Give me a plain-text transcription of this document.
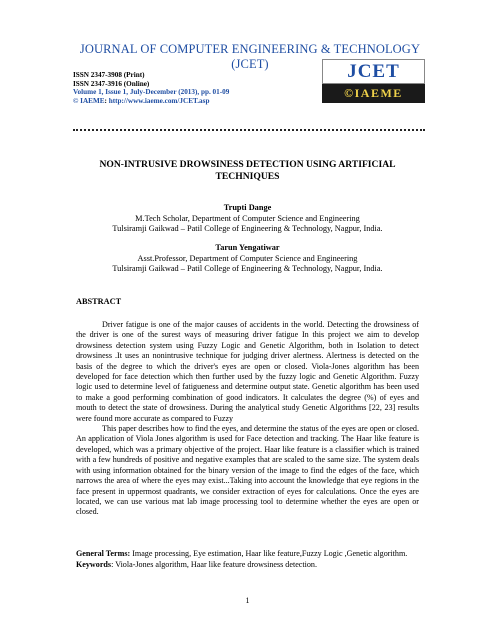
JOURNAL OF COMPUTER ENGINEERING & TECHNOLOGY
(JCET)
ISSN 2347-3908 (Print)
ISSN 2347-3916 (Online)
Volume 1, Issue 1, July-December (2013), pp. 01-09
© IAEME: http://www.iaeme.com/JCET.asp
JCET
©IAEME
NON-INTRUSIVE DROWSINESS DETECTION USING ARTIFICIAL
TECHNIQUES
Trupti Dange
M.Tech Scholar, Department of Computer Science and Engineering
Tulsiramji Gaikwad – Patil College of Engineering & Technology, Nagpur, India.
Tarun Yengatiwar
Asst.Professor, Department of Computer Science and Engineering
Tulsiramji Gaikwad – Patil College of Engineering & Technology, Nagpur, India.
ABSTRACT

Driver fatigue is one of the major causes of accidents in the world. Detecting the drowsiness of the driver is one of the surest ways of measuring driver fatigue In this project we aim to develop drowsiness detection system using Fuzzy Logic and Genetic Algorithm, both in Isolation to detect drowsiness .It uses an nonintrusive technique for judging driver alertness. Alertness is detected on the basis of the degree to which the driver's eyes are open or closed. Viola-Jones algorithm has been developed for face detection which then further used by the fuzzy logic and Genetic Algorithm. Fuzzy logic used to determine level of fatigueness and determine output state. Genetic algorithm has been used to make a good performing combination of good indicators. It calculates the degree (%) of eyes and mouth to detect the state of drowsiness. During the analytical study Genetic Algorithms [22, 23] results were found more accurate as compared to Fuzzy

This paper describes how to find the eyes, and determine the status of the eyes are open or closed. An application of Viola Jones algorithm is used for Face detection and tracking. The Haar like feature is developed, which was a primary objective of the project. Haar like feature is a classifier which is trained with a few hundreds of positive and negative examples that are scaled to the same size. The system deals with using information obtained for the binary version of the image to find the edges of the face, which narrows the area of where the eyes may exist...Taking into account the knowledge that eye regions in the face present in uppermost quadrants, we consider extraction of eyes for calculations. Once the eyes are located, we can use various mat lab image processing tool to determine whether the eyes are open or closed.

General Terms: Image processing, Eye estimation, Haar like feature,Fuzzy Logic ,Genetic algorithm.

Keywords: Viola-Jones algorithm, Haar like feature drowsiness detection.

1
